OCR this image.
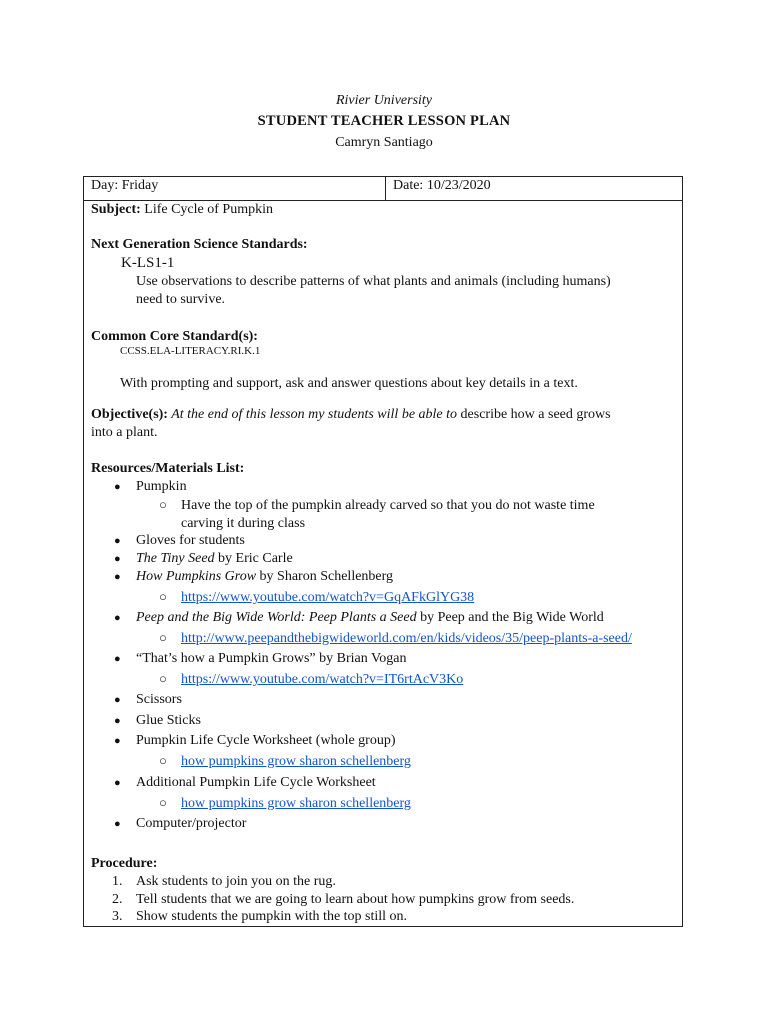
Rivier University
STUDENT TEACHER LESSON PLAN
Camryn Santiago
Day: Friday	Date: 10/23/2020
Subject: Life Cycle of Pumpkin
Next Generation Science Standards:
K-LS1-1
Use observations to describe patterns of what plants and animals (including humans)
need to survive.
Common Core Standard(s):
CCSS.ELA-LITERACY.RI.K.1
With prompting and support, ask and answer questions about key details in a text.
Objective(s): At the end of this lesson my students will be able to describe how a seed grows
into a plant.
Resources/Materials List:
● Pumpkin
○ Have the top of the pumpkin already carved so that you do not waste time
carving it during class
● Gloves for students
● The Tiny Seed by Eric Carle
● How Pumpkins Grow by Sharon Schellenberg
○ https://www.youtube.com/watch?v=GqAFkGlYG38
● Peep and the Big Wide World: Peep Plants a Seed by Peep and the Big Wide World
○ http://www.peepandthebigwideworld.com/en/kids/videos/35/peep-plants-a-seed/
● “That’s how a Pumpkin Grows” by Brian Vogan
○ https://www.youtube.com/watch?v=IT6rtAcV3Ko
● Scissors
● Glue Sticks
● Pumpkin Life Cycle Worksheet (whole group)
○ how pumpkins grow sharon schellenberg
● Additional Pumpkin Life Cycle Worksheet
○ how pumpkins grow sharon schellenberg
● Computer/projector
Procedure:
1. Ask students to join you on the rug.
2. Tell students that we are going to learn about how pumpkins grow from seeds.
3. Show students the pumpkin with the top still on.
